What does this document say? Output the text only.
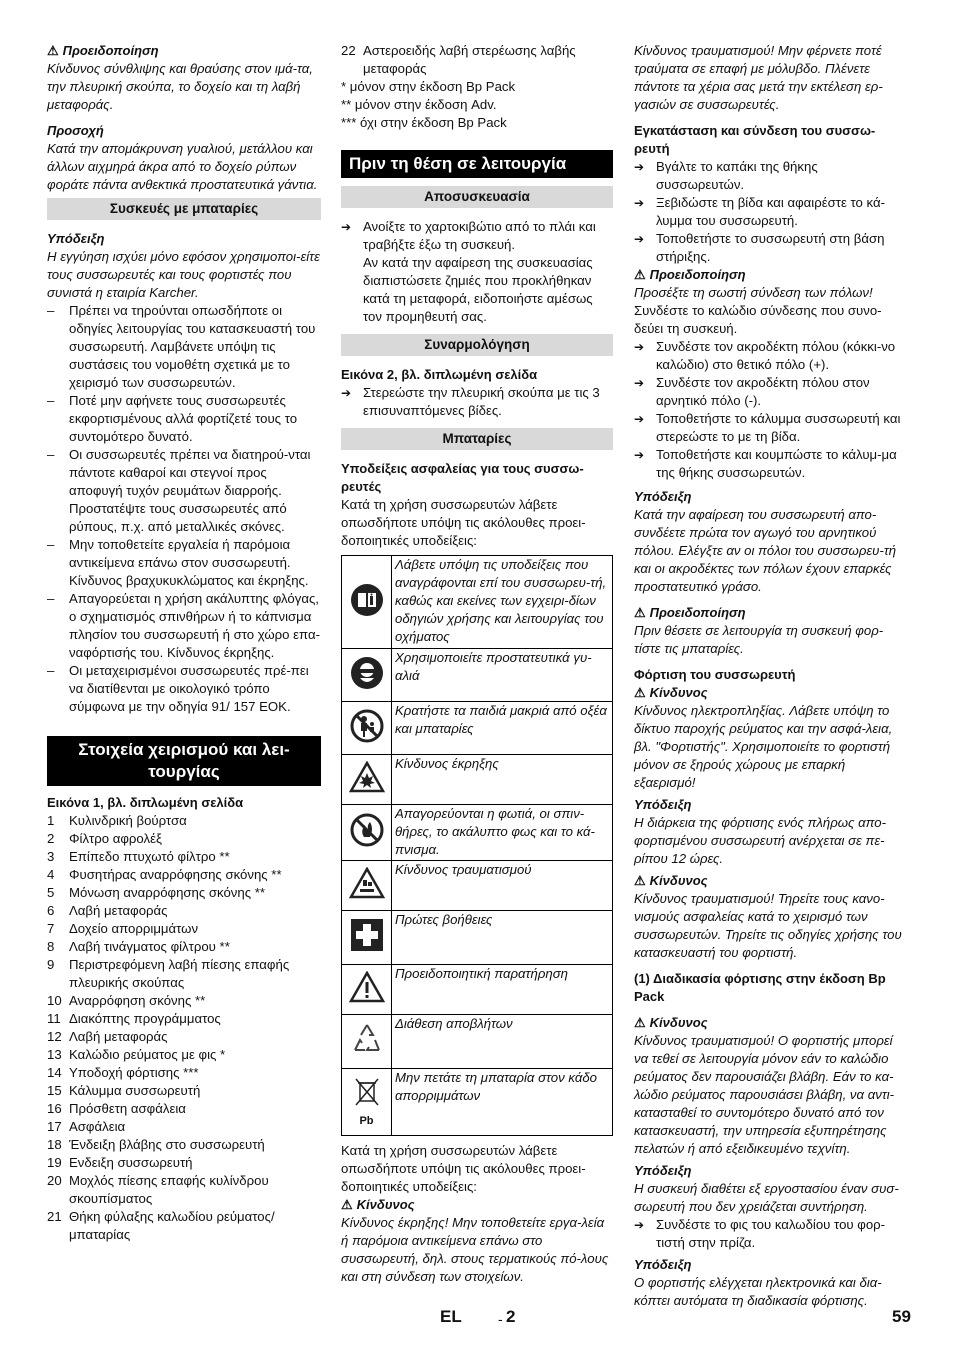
⚠ Προειδοποίηση

Κίνδυνος σύνθλιψης και θραύσης στον ιμά-τα, την πλευρική σκούπα, το δοχείο και τη λαβή μεταφοράς.

Προσοχή

Κατά την απομάκρυνση γυαλιού, μετάλλου και άλλων αιχμηρά άκρα από το δοχείο ρύπων φοράτε πάντα ανθεκτικά προστατευτικά γάντια.

Συσκευές με μπαταρίες

Υπόδειξη

Η εγγύηση ισχύει μόνο εφόσον χρησιμοποι-είτε τους συσσωρευτές και τους φορτιστές που συνιστά η εταιρία Karcher.

–	Πρέπει να τηρούνται οπωσδήποτε οι οδηγίες λειτουργίας του κατασκευαστή του συσσωρευτή. Λαμβάνετε υπόψη τις συστάσεις του νομοθέτη σχετικά με το χειρισμό των συσσωρευτών.
–	Ποτέ μην αφήνετε τους συσσωρευτές εκφορτισμένους αλλά φορτίζετέ τους το συντομότερο δυνατό.
–	Οι συσσωρευτές πρέπει να διατηρού-νται πάντοτε καθαροί και στεγνοί προς αποφυγή τυχόν ρευμάτων διαρροής. Προστατέψτε τους συσσωρευτές από ρύπους, π.χ. από μεταλλικές σκόνες.
–	Μην τοποθετείτε εργαλεία ή παρόμοια αντικείμενα επάνω στον συσσωρευτή. Κίνδυνος βραχυκυκλώματος και έκρηξης.
–	Απαγορεύεται η χρήση ακάλυπτης φλόγας, ο σχηματισμός σπινθήρων ή το κάπνισμα πλησίον του συσσωρευτή ή στο χώρο επα-ναφόρτισής του. Κίνδυνος έκρηξης.
–	Οι μεταχειρισμένοι συσσωρευτές πρέ-πει να διατίθενται με οικολογικό τρόπο σύμφωνα με την οδηγία 91/ 157 ΕΟΚ.
Στοιχεία χειρισμού και λει-τουργίας

Εικόνα 1, βλ. διπλωμένη σελίδα

1	Κυλινδρική βούρτσα
2	Φίλτρο αφρολέξ
3	Επίπεδο πτυχωτό φίλτρο **
4	Φυσητήρας αναρρόφησης σκόνης **
5	Μόνωση αναρρόφησης σκόνης **
6	Λαβή μεταφοράς
7	Δοχείο απορριμμάτων
8	Λαβή τινάγματος φίλτρου **
9	Περιστρεφόμενη λαβή πίεσης επαφής πλευρικής σκούπας
10 Αναρρόφηση σκόνης **
11 Διακόπτης προγράμματος
12 Λαβή μεταφοράς
13 Καλώδιο ρεύματος με φις *
14 Υποδοχή φόρτισης ***
15 Κάλυμμα συσσωρευτή
16 Πρόσθετη ασφάλεια
17 Ασφάλεια
18 Ένδειξη βλάβης στο συσσωρευτή
19 Ενδειξη συσσωρευτή
20 Μοχλός πίεσης επαφής κυλίνδρου σκουπίσματος
21 Θήκη φύλαξης καλωδίου ρεύματος/ μπαταρίας
22 Αστεροειδής λαβή στερέωσης λαβής μεταφοράς

* μόνον στην έκδοση Bp Pack

** μόνον στην έκδοση Adv.

*** όχι στην έκδοση Bp Pack

Πριν τη θέση σε λειτουργία
Αποσυσκευασία
➔ Ανοίξτε το χαρτοκιβώτιο από το πλάι και τραβήξτε έξω τη συσκευή.

Αν κατά την αφαίρεση της συσκευασίας διαπιστώσετε ζημιές που προκλήθηκαν κατά τη μεταφορά, ειδοποιήστε αμέσως τον προμηθευτή σας.

Συναρμολόγηση

Εικόνα 2, βλ. διπλωμένη σελίδα

➔ Στερεώστε την πλευρική σκούπα με τις 3 επισυναπτόμενες βίδες.
Μπαταρίες

Υποδείξεις ασφαλείας για τους συσσω-ρευτές

Κατά τη χρήση συσσωρευτών λάβετε οπωσδήποτε υπόψη τις ακόλουθες προει-δοποιητικές υποδείξεις:

	Λάβετε υπόψη τις υποδείξεις που αναγράφονται επί του συσσωρευ-τή, καθώς και εκείνες των εγχειρι-δίων οδηγιών χρήσης και λειτουργίας του οχήματος
	Χρησιμοποιείτε προστατευτικά γυ-αλιά
	Κρατήστε τα παιδιά μακριά από οξέα και μπαταρίες
	Κίνδυνος έκρηξης
	Απαγορεύονται η φωτιά, οι σπιν-θήρες, το ακάλυπτο φως και το κά-πνισμα.
	Κίνδυνος τραυματισμού
	Πρώτες βοήθειες
	Προειδοποιητική παρατήρηση
	Διάθεση αποβλήτων

Pb	Μην πετάτε τη μπαταρία στον κάδο απορριμμάτων

Κατά τη χρήση συσσωρευτών λάβετε οπωσδήποτε υπόψη τις ακόλουθες προει-δοποιητικές υποδείξεις:

⚠ Κίνδυνος

Κίνδυνος έκρηξης! Μην τοποθετείτε εργα-λεία ή παρόμοια αντικείμενα επάνω στο συσσωρευτή, δηλ. στους τερματικούς πό-λους και στη σύνδεση των στοιχείων.

Κίνδυνος τραυματισμού! Μην φέρνετε ποτέ τραύματα σε επαφή με μόλυβδο. Πλένετε πάντοτε τα χέρια σας μετά την εκτέλεση ερ-γασιών σε συσσωρευτές.

Εγκατάσταση και σύνδεση του συσσω-ρευτή

➔ Βγάλτε το καπάκι της θήκης συσσωρευτών.
➔ Ξεβιδώστε τη βίδα και αφαιρέστε το κά-λυμμα του συσσωρευτή.
➔ Τοποθετήστε το συσσωρευτή στη βάση στήριξης.

⚠ Προειδοποίηση

Προσέξτε τη σωστή σύνδεση των πόλων!

Συνδέστε το καλώδιο σύνδεσης που συνο-δεύει τη συσκευή.

➔ Συνδέστε τον ακροδέκτη πόλου (κόκκι-νο καλώδιο) στο θετικό πόλο (+).
➔ Συνδέστε τον ακροδέκτη πόλου στον αρνητικό πόλο (-).
➔ Τοποθετήστε το κάλυμμα συσσωρευτή και στερεώστε το με τη βίδα.
➔ Τοποθετήστε και κουμπώστε το κάλυμ-μα της θήκης συσσωρευτών.

Υπόδειξη

Κατά την αφαίρεση του συσσωρευτή απο-συνδέετε πρώτα τον αγωγό του αρνητικού πόλου. Ελέγξτε αν οι πόλοι του συσσωρευ-τή και οι ακροδέκτες των πόλων έχουν επαρκές προστατευτικό γράσο.

⚠ Προειδοποίηση

Πριν θέσετε σε λειτουργία τη συσκευή φορ-τίστε τις μπαταρίες.

Φόρτιση του συσσωρευτή

⚠ Κίνδυνος

Κίνδυνος ηλεκτροπληξίας. Λάβετε υπόψη το δίκτυο παροχής ρεύματος και την ασφά-λεια, βλ. "Φορτιστής". Χρησιμοποιείτε το φορτιστή μόνον σε ξηρούς χώρους με επαρκή εξαερισμό!

Υπόδειξη

Η διάρκεια της φόρτισης ενός πλήρως απο-φορτισμένου συσσωρευτή ανέρχεται σε πε-ρίπου 12 ώρες.

⚠ Κίνδυνος

Κίνδυνος τραυματισμού! Τηρείτε τους κανο-νισμούς ασφαλείας κατά το χειρισμό των συσσωρευτών. Τηρείτε τις οδηγίες χρήσης του κατασκευαστή του φορτιστή.

(1) Διαδικασία φόρτισης στην έκδοση Bp Pack

⚠ Κίνδυνος

Κίνδυνος τραυματισμού! Ο φορτιστής μπορεί να τεθεί σε λειτουργία μόνον εάν το καλώδιο ρεύματος δεν παρουσιάζει βλάβη. Εάν το κα-λώδιο ρεύματος παρουσιάσει βλάβη, να αντι-κατασταθεί το συντομότερο δυνατό από τον κατασκευαστή, την υπηρεσία εξυπηρέτησης πελατών ή από εξειδικευμένο τεχνίτη.

Υπόδειξη

Η συσκευή διαθέτει εξ εργοστασίου έναν συσ-σωρευτή που δεν χρειάζεται συντήρηση.

➔ Συνδέστε το φις του καλωδίου του φορ-τιστή στην πρίζα.

Υπόδειξη

Ο φορτιστής ελέγχεται ηλεκτρονικά και δια-κόπτει αυτόματα τη διαδικασία φόρτισης.

EL	- 2	59
